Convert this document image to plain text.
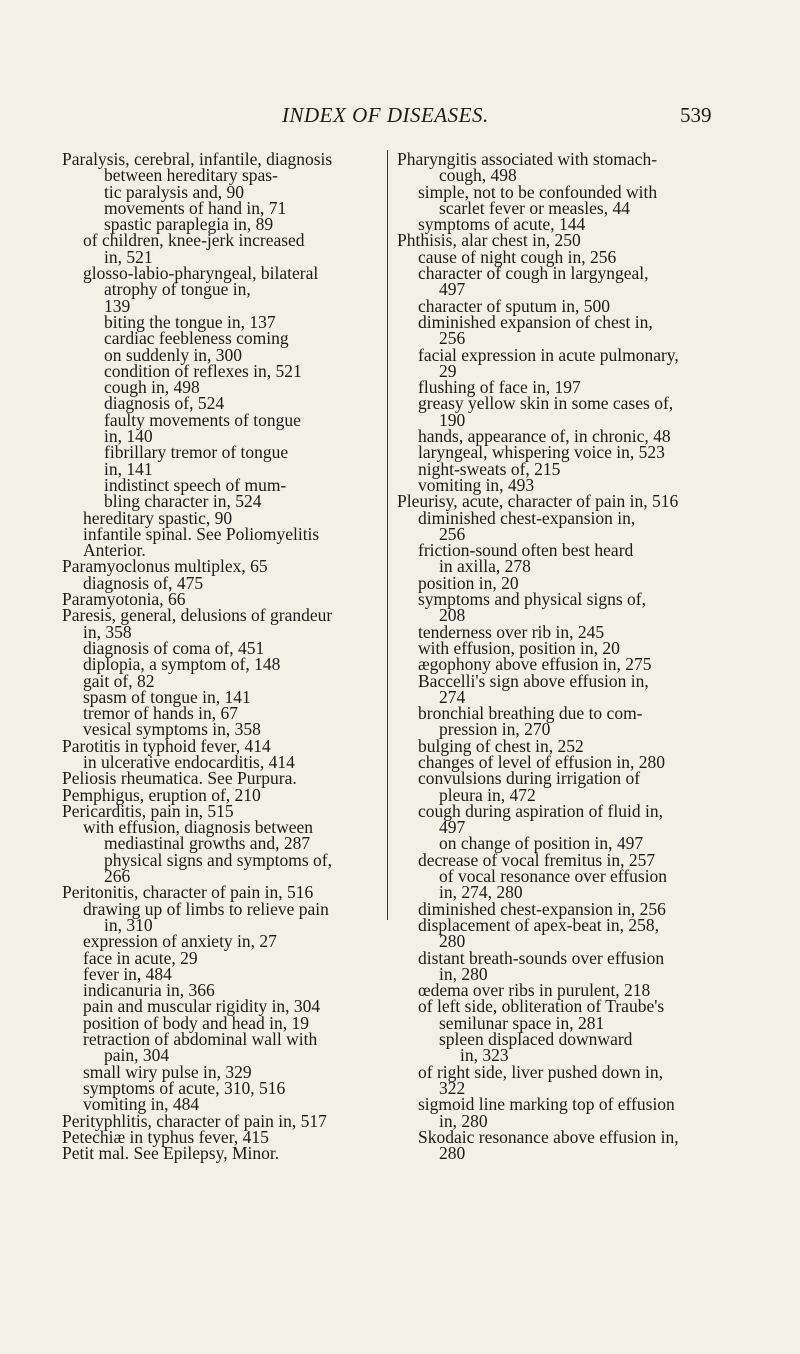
INDEX OF DISEASES.	539
Paralysis, cerebral, infantile, diagnosis
between hereditary spas-
tic paralysis and, 90
movements of hand in, 71
spastic paraplegia in, 89
of children, knee-jerk increased
in, 521
glosso-labio-pharyngeal, bilateral
atrophy of tongue in,
139
biting the tongue in, 137
cardiac feebleness coming
on suddenly in, 300
condition of reflexes in, 521
cough in, 498
diagnosis of, 524
faulty movements of tongue
in, 140
fibrillary tremor of tongue
in, 141
indistinct speech of mum-
bling character in, 524
hereditary spastic, 90
infantile spinal. See Poliomyelitis
Anterior.
Paramyoclonus multiplex, 65
diagnosis of, 475
Paramyotonia, 66
Paresis, general, delusions of grandeur
in, 358
diagnosis of coma of, 451
diplopia, a symptom of, 148
gait of, 82
spasm of tongue in, 141
tremor of hands in, 67
vesical symptoms in, 358
Parotitis in typhoid fever, 414
in ulcerative endocarditis, 414
Peliosis rheumatica. See Purpura.
Pemphigus, eruption of, 210
Pericarditis, pain in, 515
with effusion, diagnosis between
mediastinal growths and, 287
physical signs and symptoms of,
266
Peritonitis, character of pain in, 516
drawing up of limbs to relieve pain
in, 310
expression of anxiety in, 27
face in acute, 29
fever in, 484
indicanuria in, 366
pain and muscular rigidity in, 304
position of body and head in, 19
retraction of abdominal wall with
pain, 304
small wiry pulse in, 329
symptoms of acute, 310, 516
vomiting in, 484
Perityphlitis, character of pain in, 517
Petechiæ in typhus fever, 415
Petit mal. See Epilepsy, Minor.
Pharyngitis associated with stomach-
cough, 498
simple, not to be confounded with
scarlet fever or measles, 44
symptoms of acute, 144
Phthisis, alar chest in, 250
cause of night cough in, 256
character of cough in largyngeal,
497
character of sputum in, 500
diminished expansion of chest in,
256
facial expression in acute pulmonary,
29
flushing of face in, 197
greasy yellow skin in some cases of,
190
hands, appearance of, in chronic, 48
laryngeal, whispering voice in, 523
night-sweats of, 215
vomiting in, 493
Pleurisy, acute, character of pain in, 516
diminished chest-expansion in,
256
friction-sound often best heard
in axilla, 278
position in, 20
symptoms and physical signs of,
208
tenderness over rib in, 245
with effusion, position in, 20
ægophony above effusion in, 275
Baccelli's sign above effusion in,
274
bronchial breathing due to com-
pression in, 270
bulging of chest in, 252
changes of level of effusion in, 280
convulsions during irrigation of
pleura in, 472
cough during aspiration of fluid in,
497
on change of position in, 497
decrease of vocal fremitus in, 257
of vocal resonance over effusion
in, 274, 280
diminished chest-expansion in, 256
displacement of apex-beat in, 258,
280
distant breath-sounds over effusion
in, 280
œdema over ribs in purulent, 218
of left side, obliteration of Traube's
semilunar space in, 281
spleen displaced downward
in, 323
of right side, liver pushed down in,
322
sigmoid line marking top of effusion
in, 280
Skodaic resonance above effusion in,
280
